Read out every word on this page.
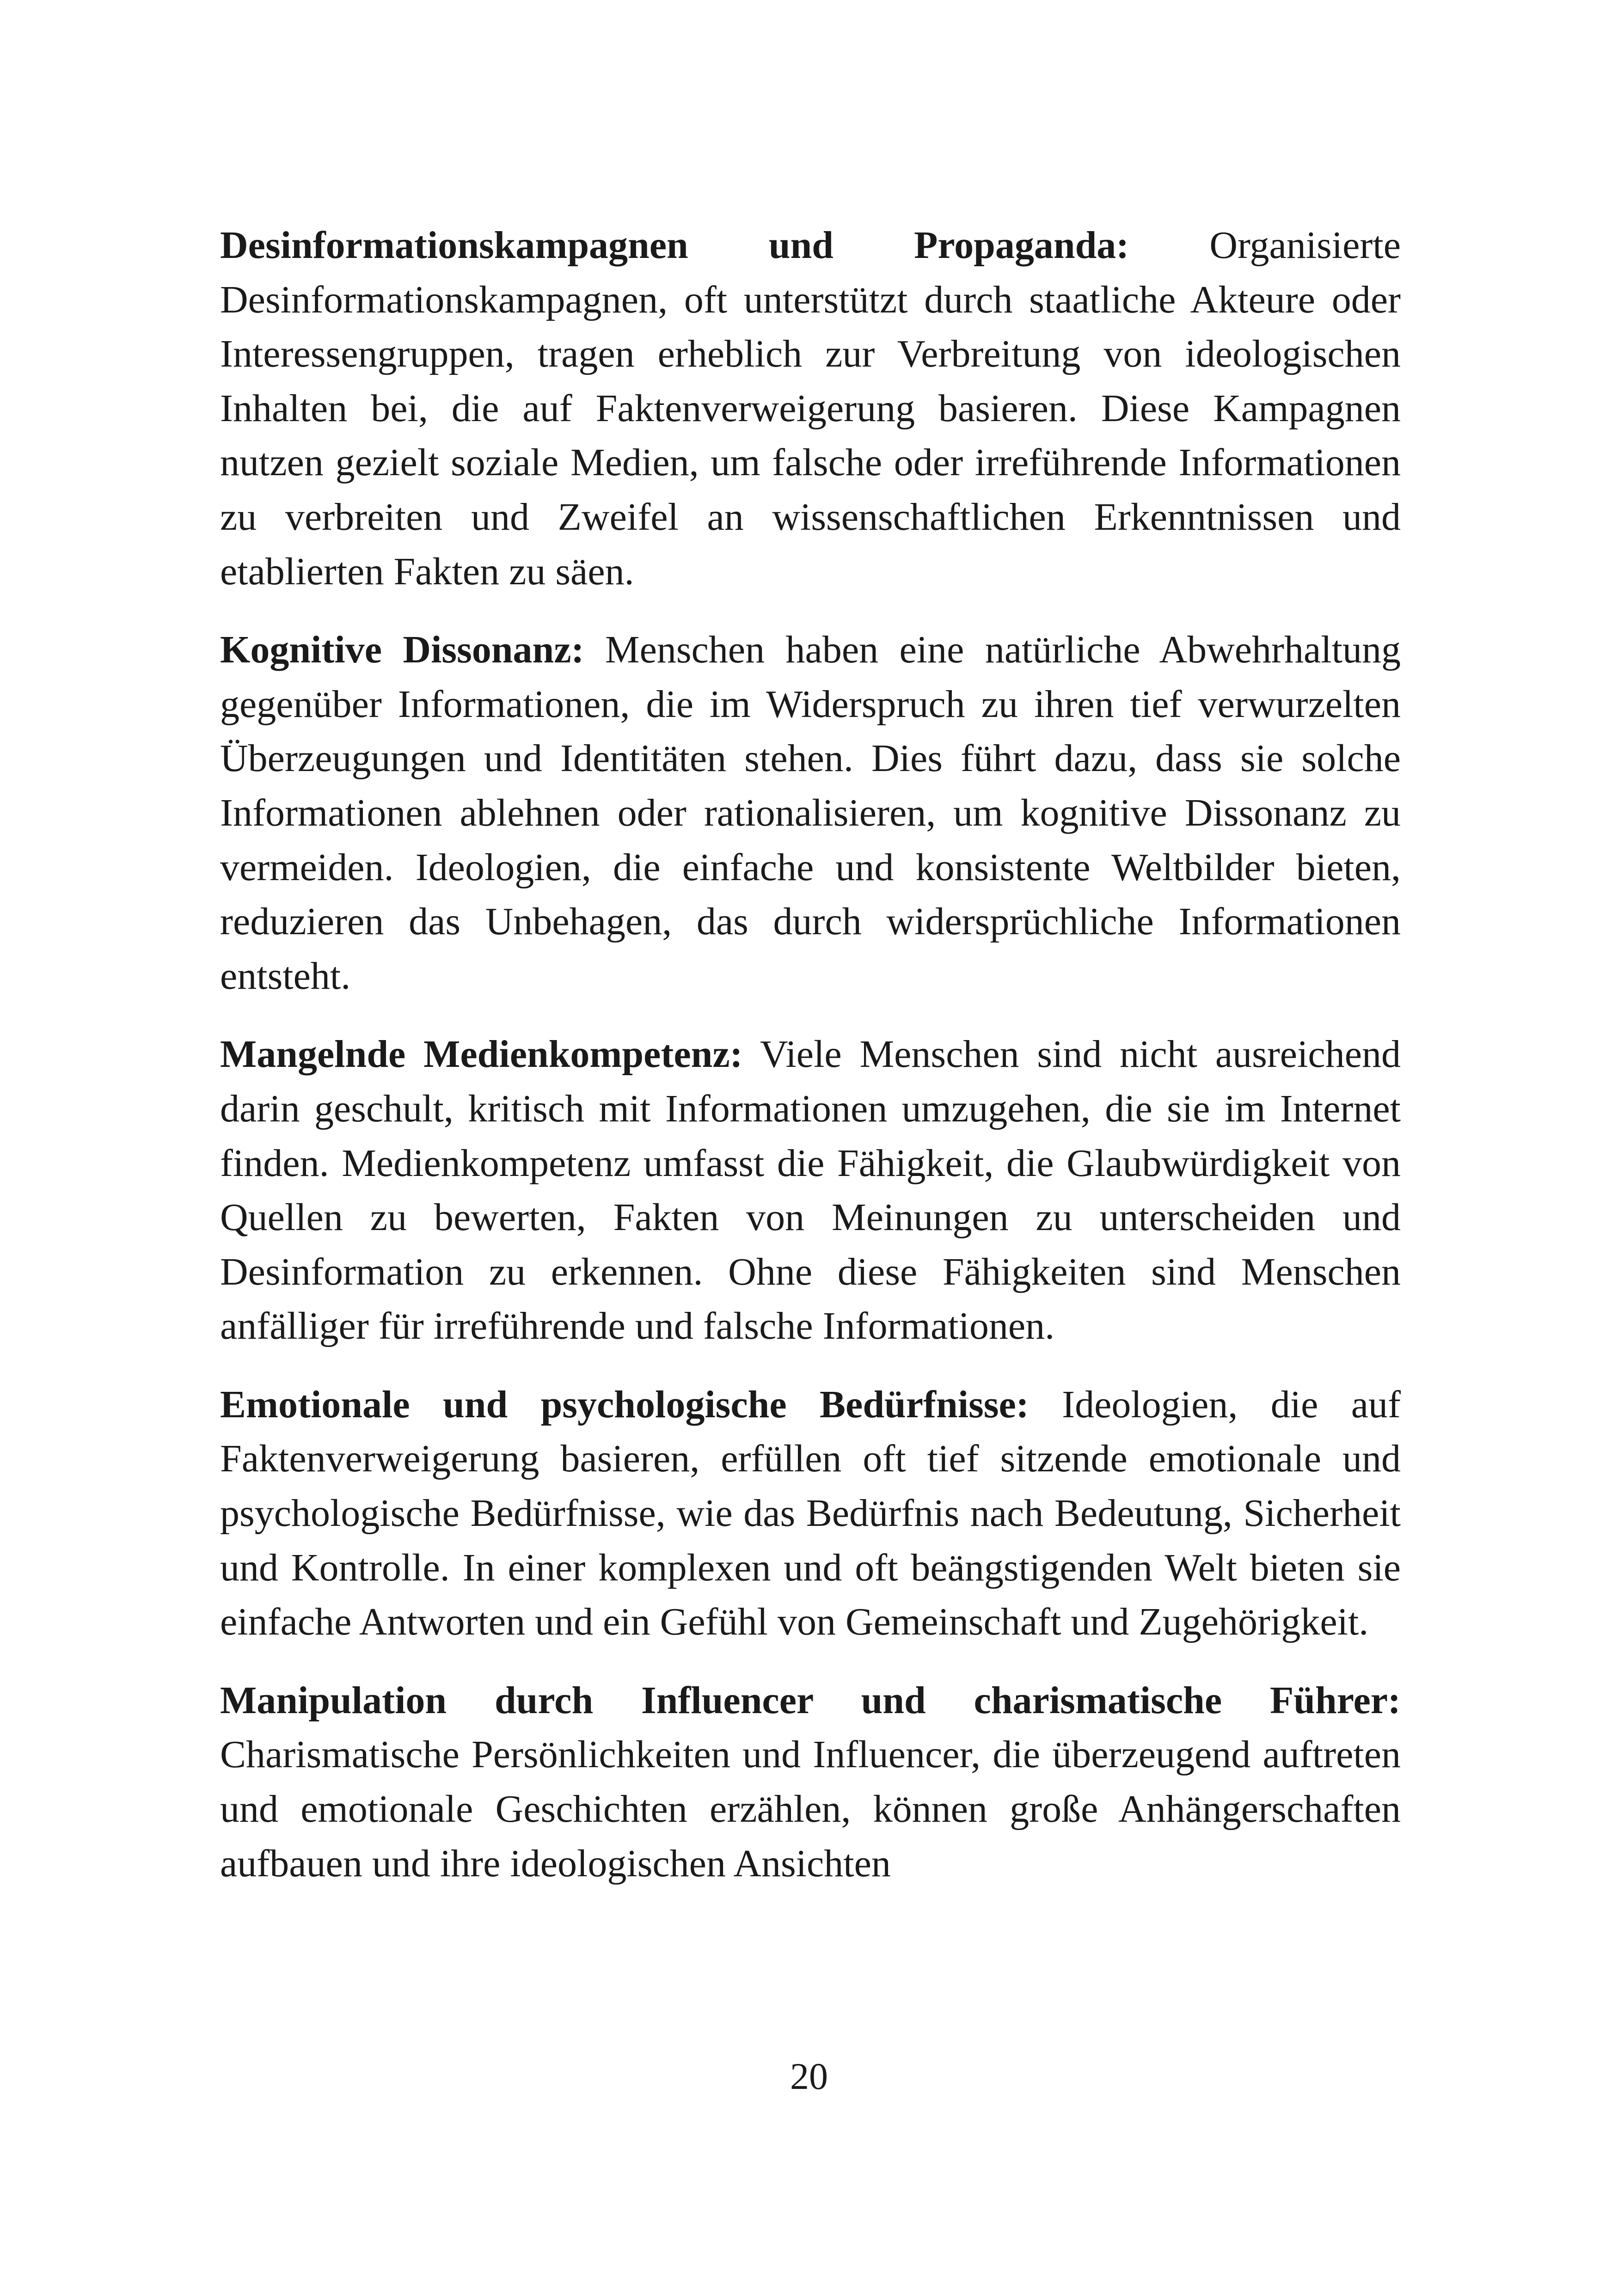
Desinformationskampagnen und Propaganda: Organisierte Desinformationskampagnen, oft unterstützt durch staatliche Akteure oder Interessengruppen, tragen erheblich zur Verbreitung von ideologischen Inhalten bei, die auf Faktenverweigerung basieren. Diese Kampagnen nutzen gezielt soziale Medien, um falsche oder irreführende Informationen zu verbreiten und Zweifel an wissenschaftlichen Erkenntnissen und etablierten Fakten zu säen.

Kognitive Dissonanz: Menschen haben eine natürliche Abwehrhaltung gegenüber Informationen, die im Widerspruch zu ihren tief verwurzelten Überzeugungen und Identitäten stehen. Dies führt dazu, dass sie solche Informationen ablehnen oder rationalisieren, um kognitive Dissonanz zu vermeiden. Ideologien, die einfache und konsistente Weltbilder bieten, reduzieren das Unbehagen, das durch widersprüchliche Informationen entsteht.

Mangelnde Medienkompetenz: Viele Menschen sind nicht ausreichend darin geschult, kritisch mit Informationen umzugehen, die sie im Internet finden. Medienkompetenz umfasst die Fähigkeit, die Glaubwürdigkeit von Quellen zu bewerten, Fakten von Meinungen zu unterscheiden und Desinformation zu erkennen. Ohne diese Fähigkeiten sind Menschen anfälliger für irreführende und falsche Informationen.

Emotionale und psychologische Bedürfnisse: Ideologien, die auf Faktenverweigerung basieren, erfüllen oft tief sitzende emotionale und psychologische Bedürfnisse, wie das Bedürfnis nach Bedeutung, Sicherheit und Kontrolle. In einer komplexen und oft beängstigenden Welt bieten sie einfache Antworten und ein Gefühl von Gemeinschaft und Zugehörigkeit.

Manipulation durch Influencer und charismatische Führer: Charismatische Persönlichkeiten und Influencer, die überzeugend auftreten und emotionale Geschichten erzählen, können große Anhängerschaften aufbauen und ihre ideologischen Ansichten

20
